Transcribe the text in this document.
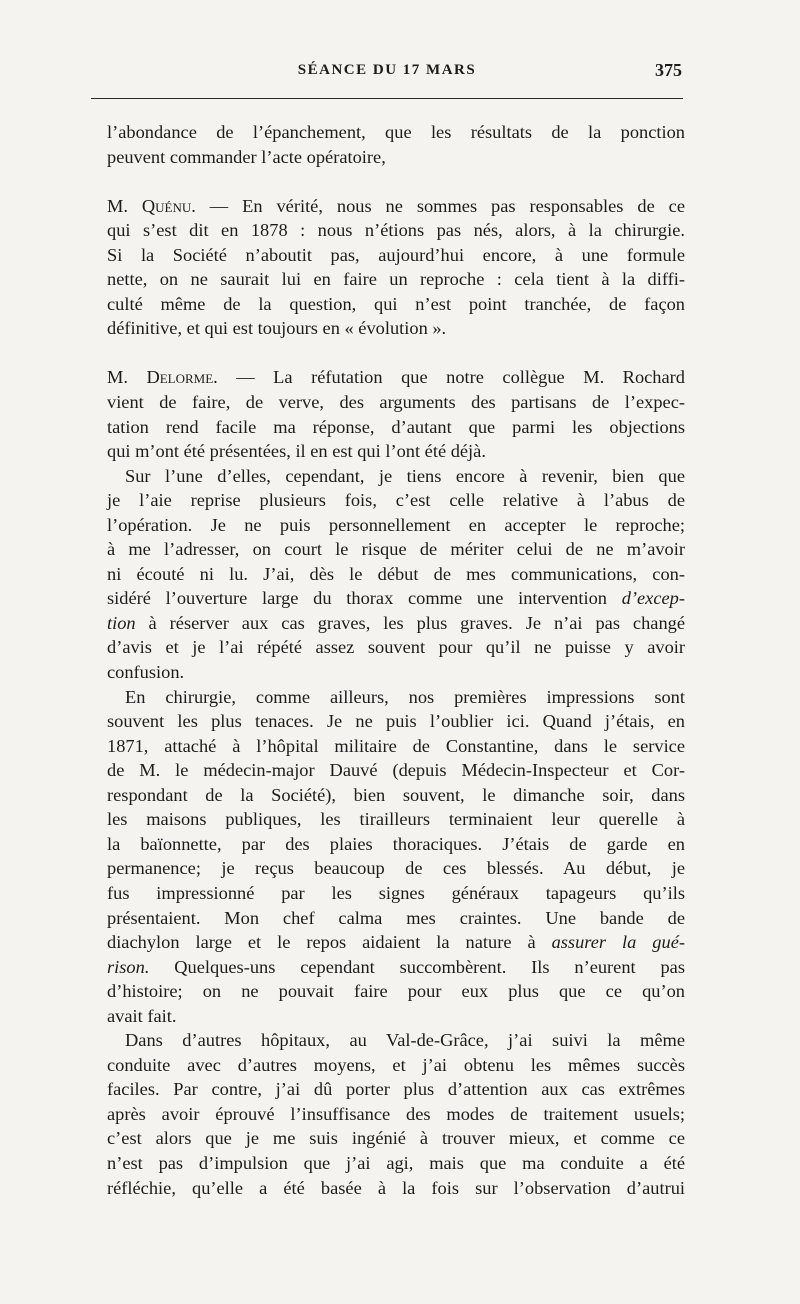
SÉANCE DU 17 MARS	375
l’abondance de l’épanchement, que les résultats de la ponction
peuvent commander l’acte opératoire,
M. Quénu. — En vérité, nous ne sommes pas responsables de ce
qui s’est dit en 1878 : nous n’étions pas nés, alors, à la chirurgie.
Si la Société n’aboutit pas, aujourd’hui encore, à une formule
nette, on ne saurait lui en faire un reproche : cela tient à la diffi-
culté même de la question, qui n’est point tranchée, de façon
définitive, et qui est toujours en « évolution ».
M. Delorme. — La réfutation que notre collègue M. Rochard
vient de faire, de verve, des arguments des partisans de l’expec-
tation rend facile ma réponse, d’autant que parmi les objections
qui m’ont été présentées, il en est qui l’ont été déjà.
Sur l’une d’elles, cependant, je tiens encore à revenir, bien que
je l’aie reprise plusieurs fois, c’est celle relative à l’abus de
l’opération. Je ne puis personnellement en accepter le reproche;
à me l’adresser, on court le risque de mériter celui de ne m’avoir
ni écouté ni lu. J’ai, dès le début de mes communications, con-
sidéré l’ouverture large du thorax comme une intervention d’excep-
tion à réserver aux cas graves, les plus graves. Je n’ai pas changé
d’avis et je l’ai répété assez souvent pour qu’il ne puisse y avoir
confusion.
En chirurgie, comme ailleurs, nos premières impressions sont
souvent les plus tenaces. Je ne puis l’oublier ici. Quand j’étais, en
1871, attaché à l’hôpital militaire de Constantine, dans le service
de M. le médecin-major Dauvé (depuis Médecin-Inspecteur et Cor-
respondant de la Société), bien souvent, le dimanche soir, dans
les maisons publiques, les tirailleurs terminaient leur querelle à
la baïonnette, par des plaies thoraciques. J’étais de garde en
permanence; je reçus beaucoup de ces blessés. Au début, je
fus impressionné par les signes généraux tapageurs qu’ils
présentaient. Mon chef calma mes craintes. Une bande de
diachylon large et le repos aidaient la nature à assurer la gué-
rison. Quelques-uns cependant succombèrent. Ils n’eurent pas
d’histoire; on ne pouvait faire pour eux plus que ce qu’on
avait fait.
Dans d’autres hôpitaux, au Val-de-Grâce, j’ai suivi la même
conduite avec d’autres moyens, et j’ai obtenu les mêmes succès
faciles. Par contre, j’ai dû porter plus d’attention aux cas extrêmes
après avoir éprouvé l’insuffisance des modes de traitement usuels;
c’est alors que je me suis ingénié à trouver mieux, et comme ce
n’est pas d’impulsion que j’ai agi, mais que ma conduite a été
réfléchie, qu’elle a été basée à la fois sur l’observation d’autrui
